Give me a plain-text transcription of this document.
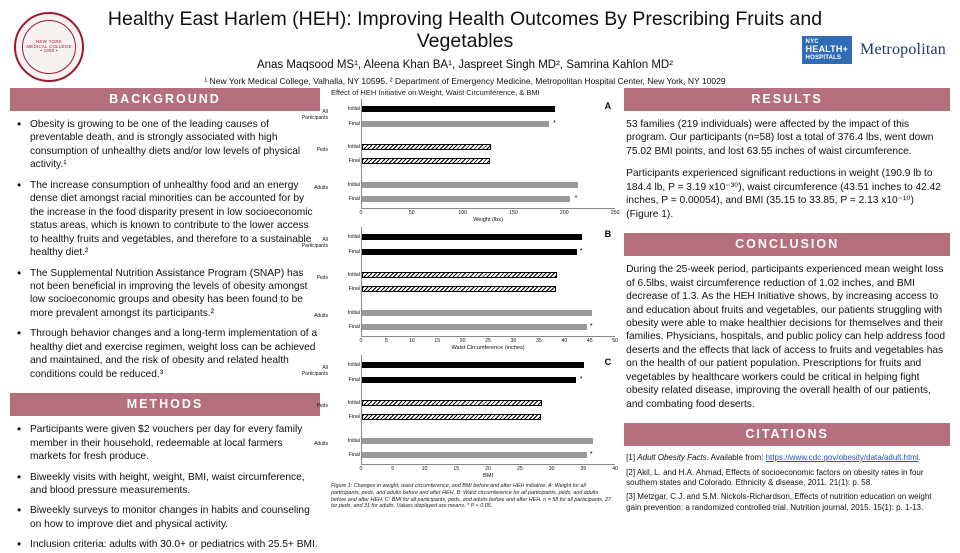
NEW YORK MEDICAL COLLEGE • 1860 •
Healthy East Harlem (HEH): Improving Health Outcomes By Prescribing Fruits and Vegetables
Anas Maqsood MS¹, Aleena Khan BA¹, Jaspreet Singh MD², Samrina Kahlon MD²
¹ New York Medical College, Valhalla, NY 10595. ² Department of Emergency Medicine, Metropolitan Hospital Center, New York, NY 10029
NYC
HEALTH+
HOSPITALS	Metropolitan
BACKGROUND
• Obesity is growing to be one of the leading causes of preventable death, and is strongly associated with high consumption of unhealthy diets and/or low levels of physical activity.¹
• The increase consumption of unhealthy food and an energy dense diet amongst racial minorities can be accounted for by the increase in the food disparity present in low socioeconomic status areas, which is known to contribute to the lower access to healthy fruits and vegetables, and therefore to a sustainable healthy diet.²
• The Supplemental Nutrition Assistance Program (SNAP) has not been beneficial in improving the levels of obesity amongst low socioeconomic groups and obesity has been found to be more prevalent amongst its participants.²
• Through behavior changes and a long-term implementation of a healthy diet and exercise regimen, weight loss can be achieved and maintained, and the risk of obesity and related health conditions could be reduced.³
METHODS
• Participants were given $2 vouchers per day for every family member in their household, redeemable at local farmers markets for fresh produce.
• Biweekly visits with height, weight, BMI, waist circumference, and blood pressure measurements.
• Biweekly surveys to monitor changes in habits and counseling on how to improve diet and physical activity.
• Inclusion criteria: adults with 30.0+ or pediatrics with 25.5+ BMI.
Effect of HEH Initiative on Weight, Waist Circumference, & BMI
A
Initial
Final	*
All Participants
Initial
Final
Peds
Initial
Final	*
Adults
0	50	100	150	200	250
Weight (lbs)
B
Initial
Final	*
All Participants
Initial
Final
Peds
Initial
Final	*
Adults
0	5	10	15	20	25	30	35	40	45	50
Waist Circumference (inches)
C
Initial
Final	*
All Participants
Initial
Final
Peds
Initial
Final	*
Adults
0	5	10	15	20	25	30	35	40
BMI
Figure 1: Changes in weight, waist circumference, and BMI before and after HEH initiative. A: Weight for all participants, peds, and adults before and after HEH. B: Waist circumference for all participants, peds, and adults before and after HEH. C: BMI for all participants, peds, and adults before and after HEH. n = 58 for all participants, 27 for peds, and 31 for adults. Values displayed are means. * P < 0.05.
RESULTS

53 families (219 individuals) were affected by the impact of this program. Our participants (n=58) lost a total of 376.4 lbs, went down 75.02 BMI points, and lost 63.55 inches of waist circumference.

Participants experienced significant reductions in weight (190.9 lb to 184.4 lb, P = 3.19 x10⁻³⁰), waist circumference (43.51 inches to 42.42 inches, P = 0.00054), and BMI (35.15 to 33.85, P = 2.13 x10⁻¹⁰) (Figure 1).

CONCLUSION

During the 25-week period, participants experienced mean weight loss of 6.5lbs, waist circumference reduction of 1.02 inches, and BMI decrease of 1.3. As the HEH Initiative shows, by increasing access to and education about fruits and vegetables, our patients struggling with obesity were able to make healthier decisions for themselves and their families. Physicians, hospitals, and public policy can help address food deserts and the effects that lack of access to fruits and vegetables has on the health of our patient population. Prescriptions for fruits and vegetables by healthcare workers could be critical in helping fight obesity related disease, improving the overall health of our patients, and combating food deserts.

CITATIONS

[1] Adult Obesity Facts. Available from: https://www.cdc.gov/obesity/data/adult.html.

[2] Akil, L. and H.A. Ahmad, Effects of socioeconomic factors on obesity rates in four southern states and Colorado. Ethnicity & disease, 2011. 21(1): p. 58.

[3] Metzgar, C.J. and S.M. Nickols-Richardson, Effects of nutrition education on weight gain prevention: a randomized controlled trial. Nutrition journal, 2015. 15(1): p. 1-13.
